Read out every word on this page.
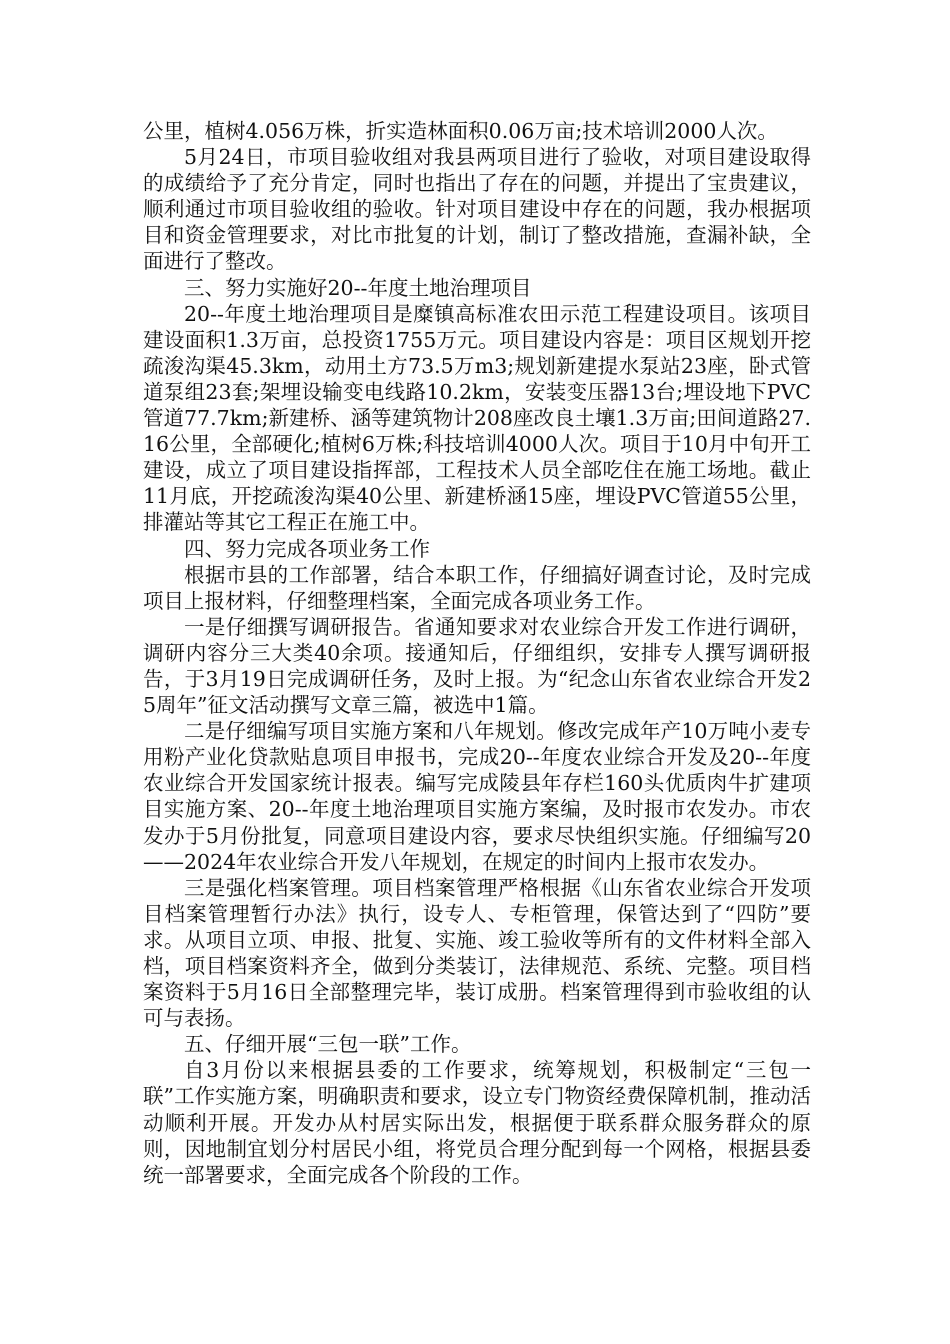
公里，植树4.056万株，折实造林面积0.06万亩;技术培训2000人次。

5月24日，市项目验收组对我县两项目进行了验收，对项目建设取得的成绩给予了充分肯定，同时也指出了存在的问题，并提出了宝贵建议，顺利通过市项目验收组的验收。针对项目建设中存在的问题，我办根据项目和资金管理要求，对比市批复的计划，制订了整改措施，查漏补缺，全面进行了整改。

三、努力实施好20--年度土地治理项目

20--年度土地治理项目是糜镇高标准农田示范工程建设项目。该项目建设面积1.3万亩，总投资1755万元。项目建设内容是：项目区规划开挖疏浚沟渠45.3km，动用土方73.5万m3;规划新建提水泵站23座，卧式管道泵组23套;架埋设输变电线路10.2km，安装变压器13台;埋设地下PVC管道77.7km;新建桥、涵等建筑物计208座改良土壤1.3万亩;田间道路27.16公里，全部硬化;植树6万株;科技培训4000人次。项目于10月中旬开工建设，成立了项目建设指挥部，工程技术人员全部吃住在施工场地。截止11月底，开挖疏浚沟渠40公里、新建桥涵15座，埋设PVC管道55公里，排灌站等其它工程正在施工中。

四、努力完成各项业务工作

根据市县的工作部署，结合本职工作，仔细搞好调查讨论，及时完成项目上报材料，仔细整理档案，全面完成各项业务工作。

一是仔细撰写调研报告。省通知要求对农业综合开发工作进行调研，调研内容分三大类40余项。接通知后，仔细组织，安排专人撰写调研报告，于3月19日完成调研任务，及时上报。为“纪念山东省农业综合开发25周年”征文活动撰写文章三篇，被选中1篇。

二是仔细编写项目实施方案和八年规划。修改完成年产10万吨小麦专用粉产业化贷款贴息项目申报书，完成20--年度农业综合开发及20--年度农业综合开发国家统计报表。编写完成陵县年存栏160头优质肉牛扩建项目实施方案、20--年度土地治理项目实施方案编，及时报市农发办。市农发办于5月份批复，同意项目建设内容，要求尽快组织实施。仔细编写20——2024年农业综合开发八年规划，在规定的时间内上报市农发办。

三是强化档案管理。项目档案管理严格根据《山东省农业综合开发项目档案管理暂行办法》执行，设专人、专柜管理，保管达到了“四防”要求。从项目立项、申报、批复、实施、竣工验收等所有的文件材料全部入档，项目档案资料齐全，做到分类装订，法律规范、系统、完整。项目档案资料于5月16日全部整理完毕，装订成册。档案管理得到市验收组的认可与表扬。

五、仔细开展“三包一联”工作。

自3月份以来根据县委的工作要求，统筹规划，积极制定“三包一联”工作实施方案，明确职责和要求，设立专门物资经费保障机制，推动活动顺利开展。开发办从村居实际出发，根据便于联系群众服务群众的原则，因地制宜划分村居民小组，将党员合理分配到每一个网格，根据县委统一部署要求，全面完成各个阶段的工作。
